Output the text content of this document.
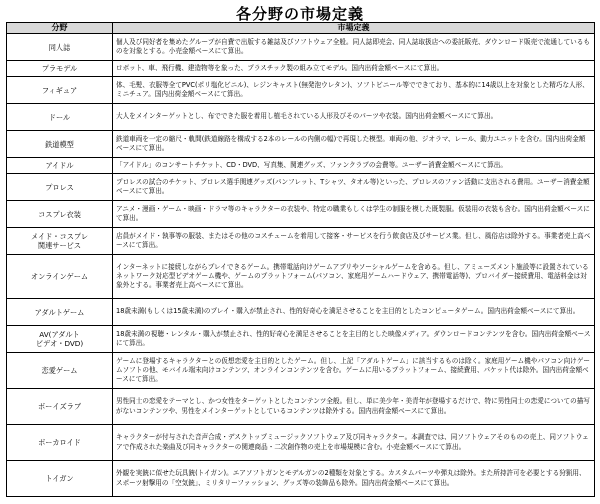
各分野の市場定義
分野	市場定義
同人誌	個人及び同好者を集めたグループが自費で出版する雑誌及びソフトウェア全般。同人誌即売会、同人誌取扱店への委託販売、ダウンロード販売で流通しているものを対象とする。小売金額ベースにて算出。
プラモデル	ロボット、車、飛行機、建造物等を象った、プラスチック製の組み立てモデル。国内出荷金額ベースにて算出。
フィギュア	体、毛髪、衣服等全てPVC(ポリ塩化ビニル)、レジンキャスト(無発泡ウレタン)、ソフトビニール等でできており、基本的に14歳以上を対象とした精巧な人形、ミニチュア。国内出荷金額ベースにて算出。
ドール	大人をメインターゲットとし、布でできた服を着用し植毛されている人形及びそのパーツや衣装。国内出荷金額ベースにて算出。
鉄道模型	鉄道車両を一定の縮尺・軌間(鉄道線路を構成する2本のレールの内側の幅)で再現した模型。車両の他、ジオラマ、レール、動力ユニットを含む。国内出荷金額ベースにて算出。
アイドル	「アイドル」のコンサートチケット、CD・DVD、写真集、関連グッズ、ファンクラブの会費等。ユーザー消費金額ベースにて算出。
プロレス	プロレスの試合のチケット、プロレス選手関連グッズ(パンフレット、Tシャツ、タオル等)といった、プロレスのファン活動に支出される費用。ユーザー消費金額ベースにて算出。
コスプレ衣装	アニメ・漫画・ゲーム・映画・ドラマ等のキャラクターの衣装や、特定の職業もしくは学生の制服を模した既製服。仮装用の衣装も含む。国内出荷金額ベースにて算出。
メイド・コスプレ
関連サービス	店員がメイド・執事等の服装、またはその他のコスチュームを着用して接客・サービスを行う飲食店及びサービス業。但し、風俗店は除外する。事業者売上高ベースにて算出。
オンラインゲーム	インターネットに接続しながらプレイできるゲーム。携帯電話向けゲームアプリやソーシャルゲームを含める。但し、アミューズメント施設等に設置されているネットワーク対応型ビデオゲーム機や、ゲームのプラットフォーム(パソコン、家庭用ゲームハードウェア、携帯電話等)、プロバイダー接続費用、電話料金は対象外とする。事業者売上高ベースにて算出。
アダルトゲーム	18歳未満(もしくは15歳未満)のプレイ・購入が禁止され、性的好奇心を満足させることを主目的としたコンピュータゲーム。国内出荷金額ベースにて算出。
AV(アダルト
ビデオ・DVD)	18歳未満の視聴・レンタル・購入が禁止され、性的好奇心を満足させることを主目的とした映像メディア。ダウンロードコンテンツを含む。国内出荷金額ベースにて算出。
恋愛ゲーム	ゲームに登場するキャラクターとの仮想恋愛を主目的としたゲーム。但し、上記「アダルトゲーム」に該当するものは除く。家庭用ゲーム機やパソコン向けゲームソフトの他、モバイル端末向けコンテンツ、オンラインコンテンツを含む。ゲームに用いるプラットフォーム、接続費用、パケット代は除外。国内出荷金額ベースにて算出。
ボーイズラブ	男性同士の恋愛をテーマとし、かつ女性をターゲットとしたコンテンツ全般。但し、単に美少年・美青年が登場するだけで、特に男性同士の恋愛についての描写がないコンテンツや、男性をメインターゲットとしているコンテンツは除外する。国内出荷金額ベースにて算出。
ボーカロイド	キャラクターが付与された音声合成・デスクトップミュージックソフトウェア及び同キャラクター。本調査では、同ソフトウェアそのものの売上、同ソフトウェアで作成された楽曲及び同キャラクターの関連商品・二次創作物の売上を市場規模に含む。小売金額ベースにて算出。
トイガン	外観を実銃に似せた玩具銃(トイガン)。エアソフトガンとモデルガンの2種類を対象とする。カスタムパーツや弾丸は除外。また所持許可を必要とする狩猟用、スポーツ射撃用の「空気銃」、ミリタリーファッション、グッズ等の装飾品も除外。国内出荷金額ベースにて算出。
